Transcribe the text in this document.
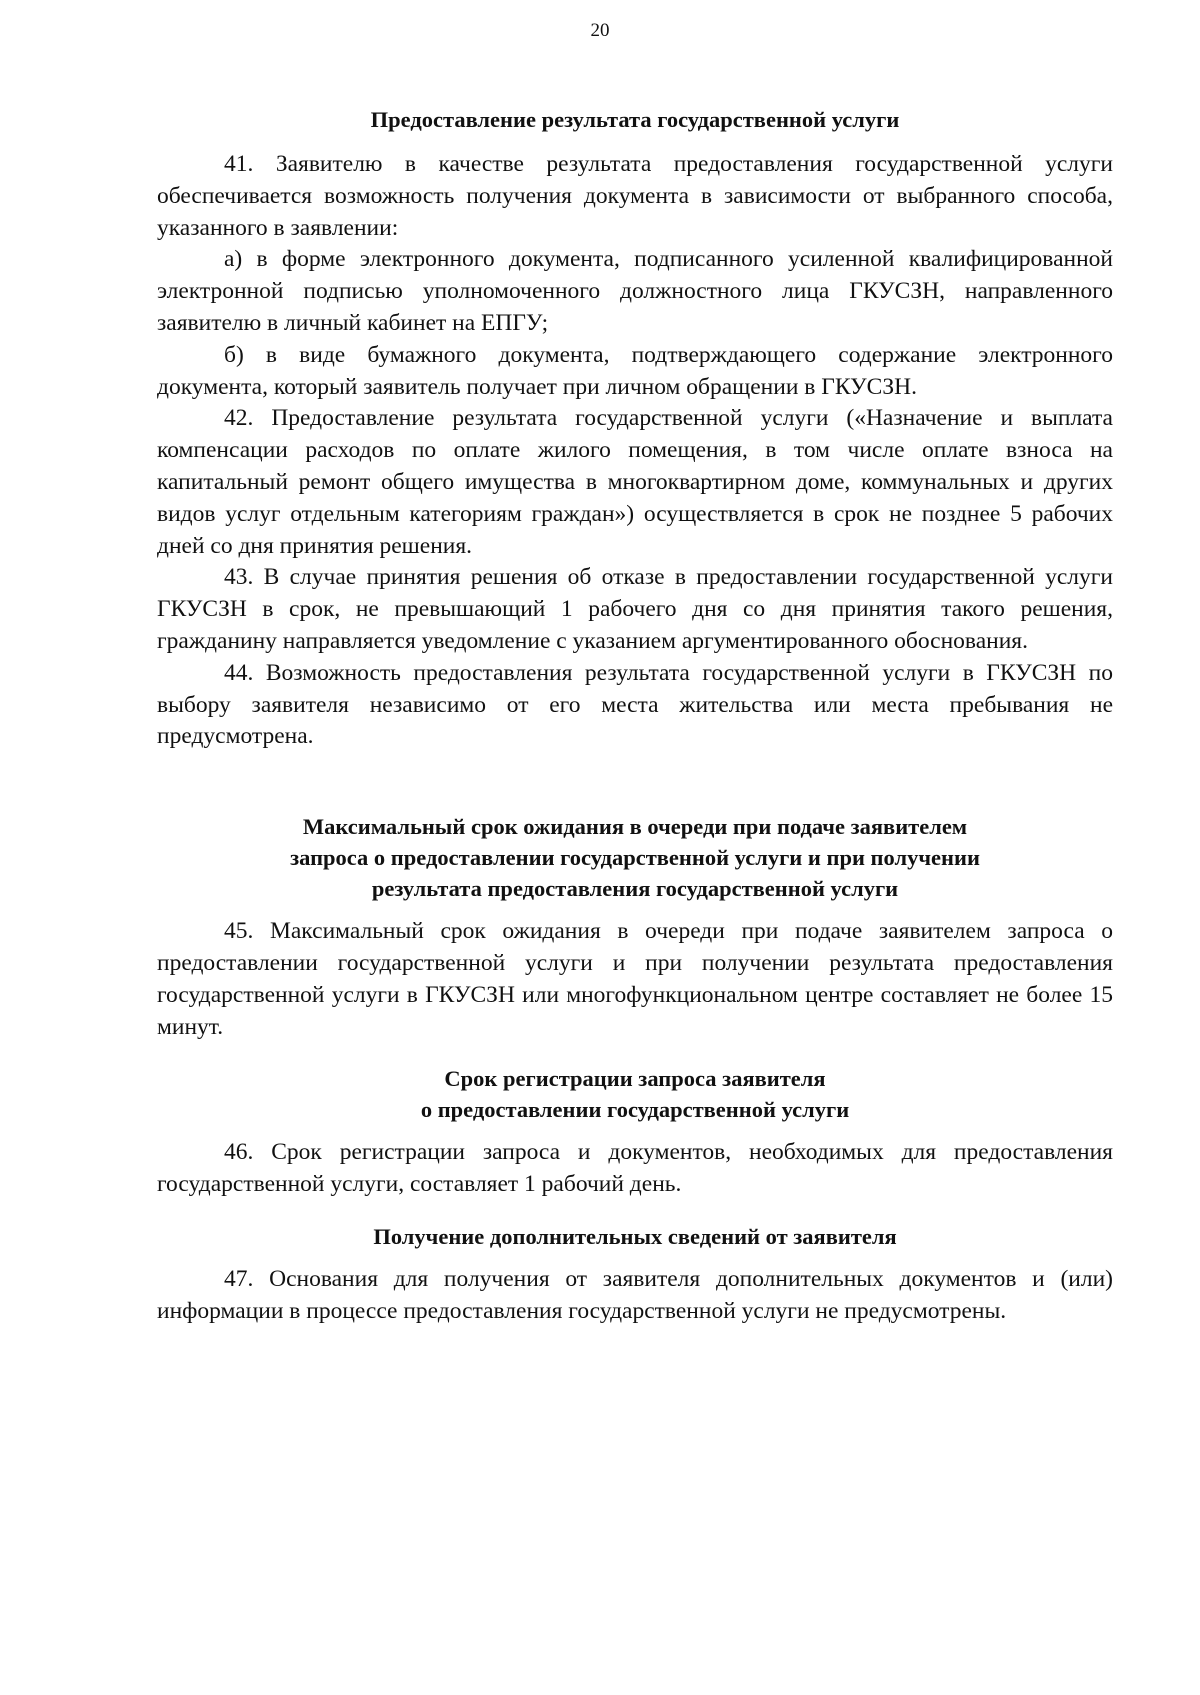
20
Предоставление результата государственной услуги

41. Заявителю в качестве результата предоставления государственной услуги обеспечивается возможность получения документа в зависимости от выбранного способа, указанного в заявлении:

а) в форме электронного документа, подписанного усиленной квалифицированной электронной подписью уполномоченного должностного лица ГКУСЗН, направленного заявителю в личный кабинет на ЕПГУ;

б) в виде бумажного документа, подтверждающего содержание электронного документа, который заявитель получает при личном обращении в ГКУСЗН.

42. Предоставление результата государственной услуги («Назначение и выплата компенсации расходов по оплате жилого помещения, в том числе оплате взноса на капитальный ремонт общего имущества в многоквартирном доме, коммунальных и других видов услуг отдельным категориям граждан») осуществляется в срок не позднее 5 рабочих дней со дня принятия решения.

43. В случае принятия решения об отказе в предоставлении государственной услуги ГКУСЗН в срок, не превышающий 1 рабочего дня со дня принятия такого решения, гражданину направляется уведомление с указанием аргументированного обоснования.

44. Возможность предоставления результата государственной услуги в ГКУСЗН по выбору заявителя независимо от его места жительства или места пребывания не предусмотрена.

Максимальный срок ожидания в очереди при подаче заявителем
запроса о предоставлении государственной услуги и при получении
результата предоставления государственной услуги

45. Максимальный срок ожидания в очереди при подаче заявителем запроса о предоставлении государственной услуги и при получении результата предоставления государственной услуги в ГКУСЗН или многофункциональном центре составляет не более 15 минут.

Срок регистрации запроса заявителя
о предоставлении государственной услуги

46. Срок регистрации запроса и документов, необходимых для предоставления государственной услуги, составляет 1 рабочий день.

Получение дополнительных сведений от заявителя

47. Основания для получения от заявителя дополнительных документов и (или) информации в процессе предоставления государственной услуги не предусмотрены.
